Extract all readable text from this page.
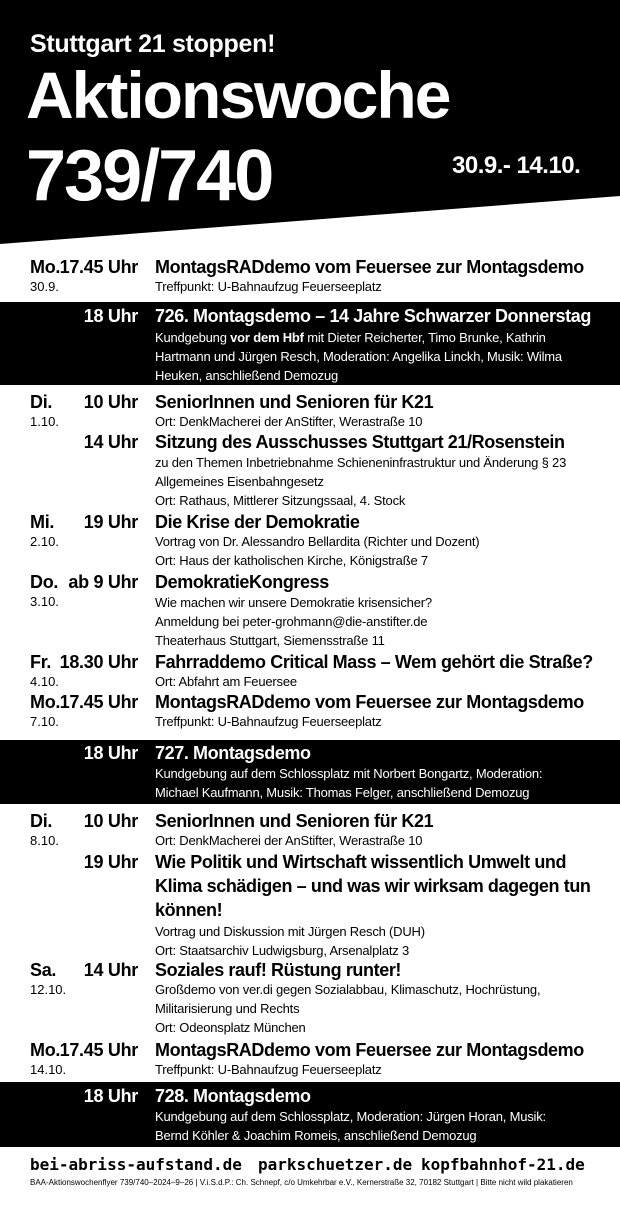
Stuttgart 21 stoppen!
Aktionswoche
739/740	30.9.- 14.10.
Mo. 17.45 Uhr
30.9.
MontagsRADdemo vom Feuersee zur Montagsdemo
Treffpunkt: U-Bahnaufzug Feuerseeplatz
18 Uhr 726. Montagsdemo – 14 Jahre Schwarzer Donnerstag
Kundgebung vor dem Hbf mit Dieter Reicherter, Timo Brunke, Kathrin
Hartmann und Jürgen Resch, Moderation: Angelika Linckh, Musik: Wilma
Heuken, anschließend Demozug
Di. 10 Uhr
1.10.
SeniorInnen und Senioren für K21
Ort: DenkMacherei der AnStifter, Werastraße 10
14 Uhr Sitzung des Ausschusses Stuttgart 21/Rosenstein
zu den Themen Inbetriebnahme Schieneninfrastruktur und Änderung § 23
Allgemeines Eisenbahngesetz
Ort: Rathaus, Mittlerer Sitzungssaal, 4. Stock
Mi. 19 Uhr
2.10.
Die Krise der Demokratie
Vortrag von Dr. Alessandro Bellardita (Richter und Dozent)
Ort: Haus der katholischen Kirche, Königstraße 7
Do. ab 9 Uhr
3.10.
DemokratieKongress
Wie machen wir unsere Demokratie krisensicher?
Anmeldung bei peter-grohmann@die-anstifter.de
Theaterhaus Stuttgart, Siemensstraße 11
Fr. 18.30 Uhr
4.10.
Fahrraddemo Critical Mass – Wem gehört die Straße?
Ort: Abfahrt am Feuersee
Mo. 17.45 Uhr
7.10.
MontagsRADdemo vom Feuersee zur Montagsdemo
Treffpunkt: U-Bahnaufzug Feuerseeplatz
18 Uhr 727. Montagsdemo
Kundgebung auf dem Schlossplatz mit Norbert Bongartz, Moderation:
Michael Kaufmann, Musik: Thomas Felger, anschließend Demozug
Di. 10 Uhr
8.10.
SeniorInnen und Senioren für K21
Ort: DenkMacherei der AnStifter, Werastraße 10
19 Uhr Wie Politik und Wirtschaft wissentlich Umwelt und Klima schädigen – und was wir wirksam dagegen tun können!
Vortrag und Diskussion mit Jürgen Resch (DUH)
Ort: Staatsarchiv Ludwigsburg, Arsenalplatz 3
Sa. 14 Uhr
12.10.
Soziales rauf! Rüstung runter!
Großdemo von ver.di gegen Sozialabbau, Klimaschutz, Hochrüstung,
Militarisierung und Rechts
Ort: Odeonsplatz München
Mo. 17.45 Uhr
14.10.
MontagsRADdemo vom Feuersee zur Montagsdemo
Treffpunkt: U-Bahnaufzug Feuerseeplatz
18 Uhr 728. Montagsdemo
Kundgebung auf dem Schlossplatz, Moderation: Jürgen Horan, Musik:
Bernd Köhler & Joachim Romeis, anschließend Demozug
bei-abriss-aufstand.de parkschuetzer.de kopfbahnhof-21.de
BAA-Aktionswochenflyer 739/740–2024–9–26 | V.i.S.d.P.: Ch. Schnepf, c/o Umkehrbar e.V., Kernerstraße 32, 70182 Stuttgart | Bitte nicht wild plakatieren
